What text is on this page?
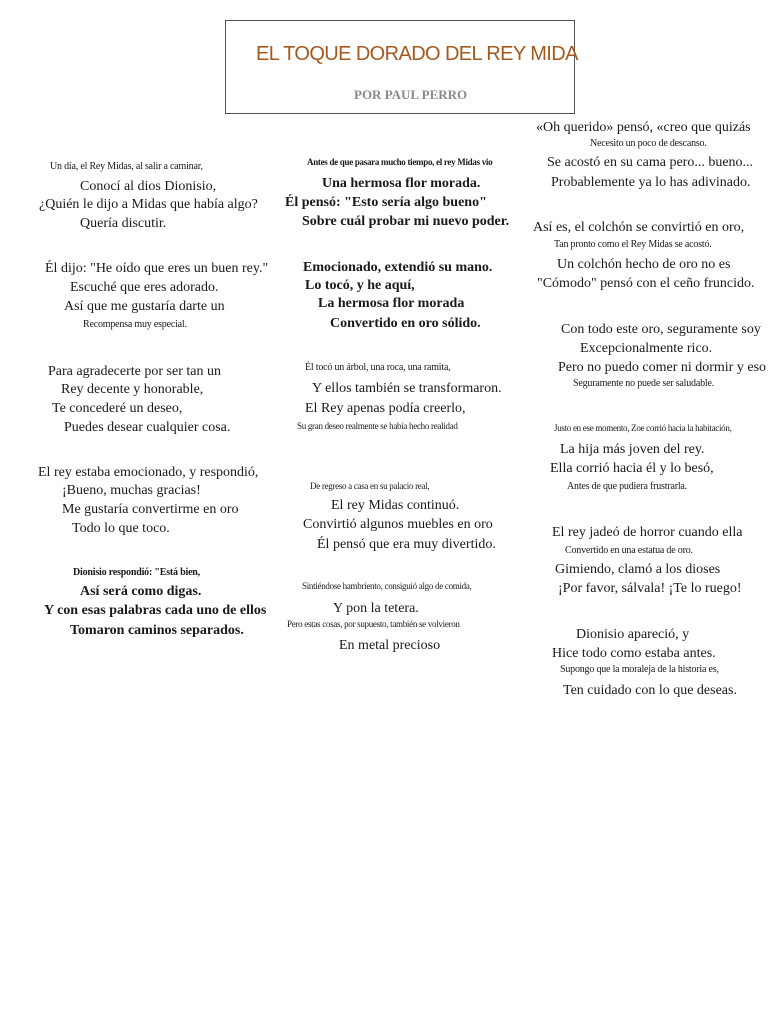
EL TOQUE DORADO DEL REY MIDA
POR PAUL PERRO
Un día, el Rey Midas, al salir a caminar,
Conocí al dios Dionisio,
¿Quién le dijo a Midas que había algo?
Quería discutir.
Él dijo: "He oído que eres un buen rey."
Escuché que eres adorado.
Así que me gustaría darte un
Recompensa muy especial.
Para agradecerte por ser tan un
Rey decente y honorable,
Te concederé un deseo,
Puedes desear cualquier cosa.
El rey estaba emocionado, y respondió,
¡Bueno, muchas gracias!
Me gustaría convertirme en oro
Todo lo que toco.
Dionisio respondió: "Está bien,
Así será como digas.
Y con esas palabras cada uno de ellos
Tomaron caminos separados.
Antes de que pasara mucho tiempo, el rey Midas vio
Una hermosa flor morada.
Él pensó: "Esto sería algo bueno"
Sobre cuál probar mi nuevo poder.
Emocionado, extendió su mano.
Lo tocó, y he aquí,
La hermosa flor morada
Convertido en oro sólido.
Él tocó un árbol, una roca, una ramita,
Y ellos también se transformaron.
El Rey apenas podía creerlo,
Su gran deseo realmente se había hecho realidad
De regreso a casa en su palacio real,
El rey Midas continuó.
Convirtió algunos muebles en oro
Él pensó que era muy divertido.
Sintiéndose hambriento, consiguió algo de comida,
Y pon la tetera.
Pero estas cosas, por supuesto, también se volvieron
En metal precioso
«Oh querido» pensó, «creo que quizás
Necesito un poco de descanso.
Se acostó en su cama pero... bueno...
Probablemente ya lo has adivinado.
Así es, el colchón se convirtió en oro,
Tan pronto como el Rey Midas se acostó.
Un colchón hecho de oro no es
"Cómodo" pensó con el ceño fruncido.
Con todo este oro, seguramente soy
Excepcionalmente rico.
Pero no puedo comer ni dormir y eso
Seguramente no puede ser saludable.
Justo en ese momento, Zoe corrió hacia la habitación,
La hija más joven del rey.
Ella corrió hacia él y lo besó,
Antes de que pudiera frustrarla.
El rey jadeó de horror cuando ella
Convertido en una estatua de oro.
Gimiendo, clamó a los dioses
¡Por favor, sálvala! ¡Te lo ruego!
Dionisio apareció, y
Hice todo como estaba antes.
Supongo que la moraleja de la historia es,
Ten cuidado con lo que deseas.
